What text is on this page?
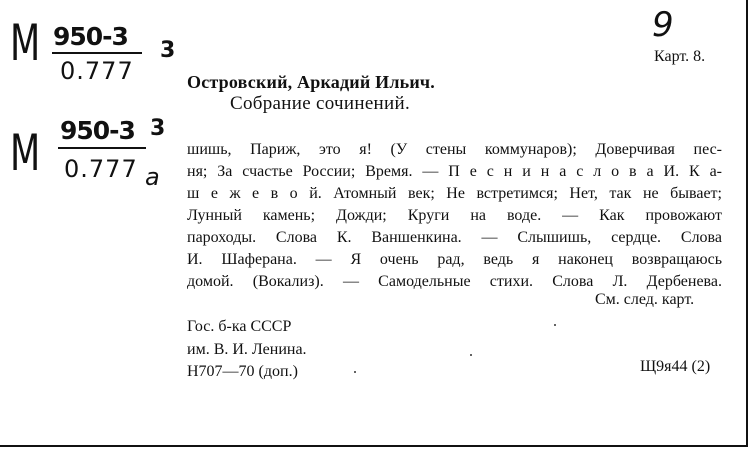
M 950-3
0.777
3
M 950-3
0.777 a
3
9
Карт. 8.
Островский, Аркадий Ильич.
Собрание сочинений.
шишь, Париж, это я! (У стены коммунаров); Доверчивая пес-
ня; За счастье России; Время. — П е с н и н а с л о в а И. К а-
ш е ж е в о й. Атомный век; Не встретимся; Нет, так не бывает;
Лунный камень; Дожди; Круги на воде. — Как провожают
пароходы. Слова К. Ваншенкина. — Слышишь, сердце. Слова
И. Шаферана. — Я очень рад, ведь я наконец возвращаюсь
домой. (Вокализ). — Самодельные стихи. Слова Л. Дербенева.
См. след. карт.
Гос. б-ка СССР
им. В. И. Ленина.
Н707—70 (доп.)	Щ9я44 (2)
